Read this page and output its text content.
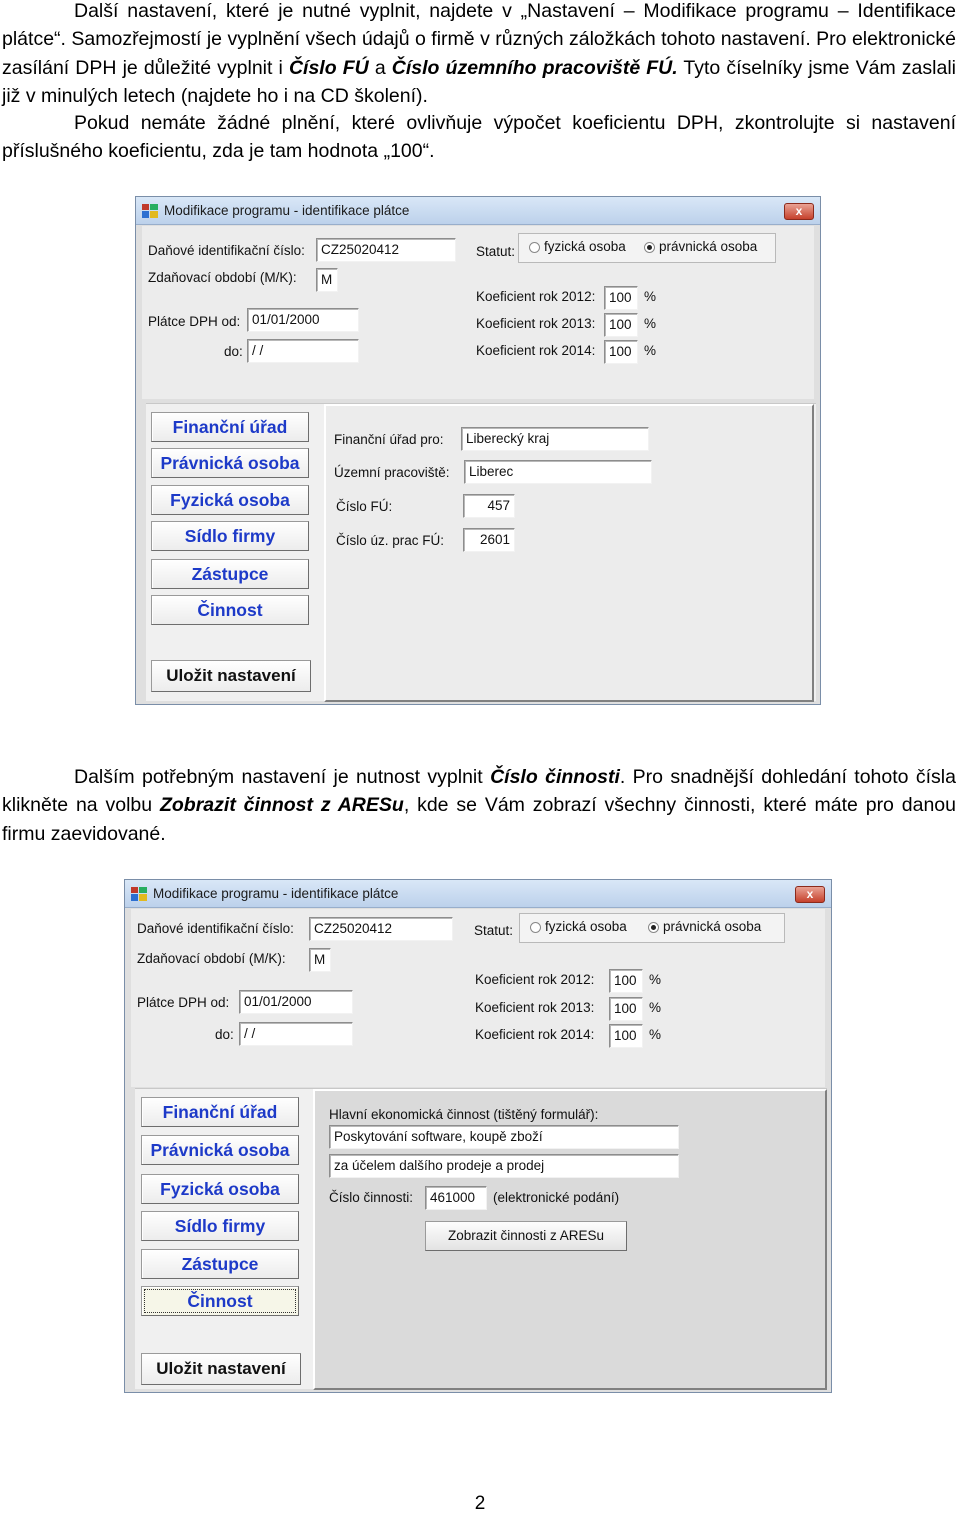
Další nastavení, které je nutné vyplnit, najdete v „Nastavení – Modifikace programu – Identifikace plátce“. Samozřejmostí je vyplnění všech údajů o firmě v různých záložkách tohoto nastavení. Pro elektronické zasílání DPH je důležité vyplnit i Číslo FÚ a Číslo územního pracoviště FÚ. Tyto číselníky jsme Vám zaslali již v minulých letech (najdete ho i na CD školení).

Pokud nemáte žádné plnění, které ovlivňuje výpočet koeficientu DPH, zkontrolujte si nastavení příslušného koeficientu, zda je tam hodnota „100“.

Modifikace programu - identifikace plátce	x
Daňové identifikační číslo:	CZ25020412
Zdaňovací období (M/K):	M
Plátce DPH od: 01/01/2000
do: / /
Statut: fyzická osoba právnická osoba
Koeficient rok 2012:	100 %
Koeficient rok 2013:	100 %
Koeficient rok 2014:	100 %
Finanční úřad
Právnická osoba
Fyzická osoba
Sídlo firmy
Zástupce
Činnost
Uložit nastavení
Finanční úřad pro:	Liberecký kraj
Územní pracoviště:	Liberec
Číslo FÚ:	457
Číslo úz. prac FÚ:	2601

Dalším potřebným nastavení je nutnost vyplnit Číslo činnosti. Pro snadnější dohledání tohoto čísla klikněte na volbu Zobrazit činnost z ARESu, kde se Vám zobrazí všechny činnosti, které máte pro danou firmu zaevidované.

Modifikace programu - identifikace plátce	x
Daňové identifikační číslo:	CZ25020412
Zdaňovací období (M/K):	M
Plátce DPH od:	01/01/2000
do: / /
Statut: fyzická osoba	právnická osoba
Koeficient rok 2012:	100 %
Koeficient rok 2013:	100 %
Koeficient rok 2014:	100 %
Finanční úřad
Právnická osoba
Fyzická osoba
Sídlo firmy
Zástupce
Činnost
Uložit nastavení
Hlavní ekonomická činnost (tištěný formulář):
Poskytování software, koupě zboží
za účelem dalšího prodeje a prodej
Číslo činnosti:	461000	(elektronické podání)
Zobrazit činnosti z ARESu
2
